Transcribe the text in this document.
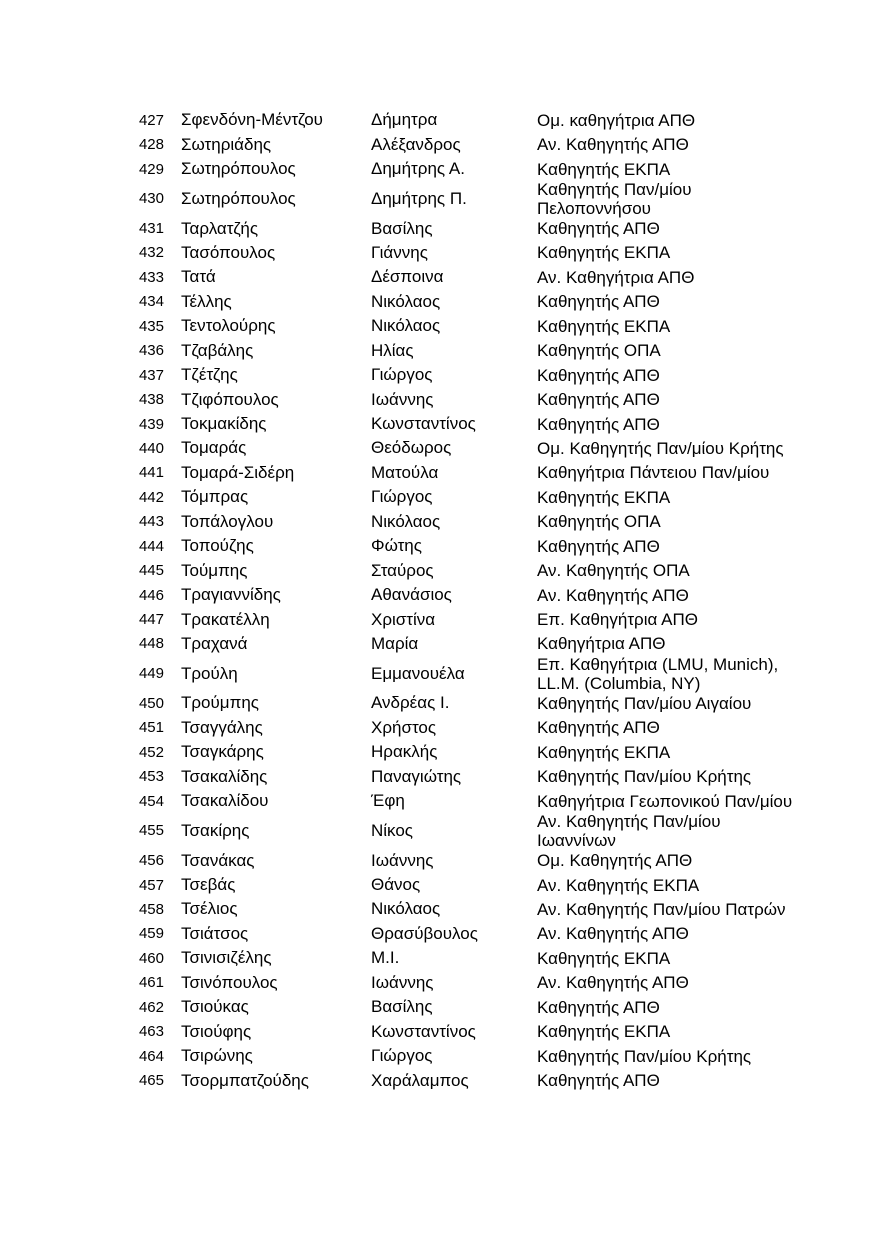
427 Σφενδόνη-Μέντζου	Δήμητρα	Ομ. καθηγήτρια ΑΠΘ
428 Σωτηριάδης	Αλέξανδρος	Αν. Καθηγητής ΑΠΘ
429 Σωτηρόπουλος	Δημήτρης Α.	Καθηγητής ΕΚΠΑ
430 Σωτηρόπουλος	Δημήτρης Π.	Καθηγητής Παν/μίου
Πελοποννήσου
431 Ταρλατζής	Βασίλης	Καθηγητής ΑΠΘ
432 Τασόπουλος	Γιάννης	Καθηγητής ΕΚΠΑ
433 Τατά	Δέσποινα	Αν. Καθηγήτρια ΑΠΘ
434 Τέλλης	Νικόλαος	Καθηγητής ΑΠΘ
435 Τεντολούρης	Νικόλαος	Καθηγητής ΕΚΠΑ
436 Τζαβάλης	Ηλίας	Καθηγητής ΟΠΑ
437 Τζέτζης	Γιώργος	Καθηγητής ΑΠΘ
438 Τζιφόπουλος	Ιωάννης	Καθηγητής ΑΠΘ
439 Τοκμακίδης	Κωνσταντίνος	Καθηγητής ΑΠΘ
440 Τομαράς	Θεόδωρος	Ομ. Καθηγητής Παν/μίου Κρήτης
441 Τομαρά-Σιδέρη	Ματούλα	Καθηγήτρια Πάντειου Παν/μίου
442 Τόμπρας	Γιώργος	Καθηγητής ΕΚΠΑ
443 Τοπάλογλου	Νικόλαος	Καθηγητής ΟΠΑ
444 Τοπούζης	Φώτης	Καθηγητής ΑΠΘ
445 Τούμπης	Σταύρος	Αν. Καθηγητής ΟΠΑ
446 Τραγιαννίδης	Αθανάσιος	Αν. Καθηγητής ΑΠΘ
447 Τρακατέλλη	Χριστίνα	Επ. Καθηγήτρια ΑΠΘ
448 Τραχανά	Μαρία	Καθηγήτρια ΑΠΘ
449 Τρούλη	Εμμανουέλα	Επ. Καθηγήτρια (LMU, Munich),
LL.M. (Columbia, NY)
450 Τρούμπης	Ανδρέας Ι.	Καθηγητής Παν/μίου Αιγαίου
451 Τσαγγάλης	Χρήστος	Καθηγητής ΑΠΘ
452 Τσαγκάρης	Ηρακλής	Καθηγητής ΕΚΠΑ
453 Τσακαλίδης	Παναγιώτης	Καθηγητής Παν/μίου Κρήτης
454 Τσακαλίδου	Έφη	Καθηγήτρια Γεωπονικού Παν/μίου
455 Τσακίρης	Νίκος	Αν. Καθηγητής Παν/μίου
Ιωαννίνων
456 Τσανάκας	Ιωάννης	Ομ. Καθηγητής ΑΠΘ
457 Τσεβάς	Θάνος	Αν. Καθηγητής ΕΚΠΑ
458 Τσέλιος	Νικόλαος	Αν. Καθηγητής Παν/μίου Πατρών
459 Τσιάτσος	Θρασύβουλος	Αν. Καθηγητής ΑΠΘ
460 Τσινισιζέλης	Μ.Ι.	Καθηγητής ΕΚΠΑ
461 Τσινόπουλος	Ιωάννης	Αν. Καθηγητής ΑΠΘ
462 Τσιούκας	Βασίλης	Καθηγητής ΑΠΘ
463 Τσιούφης	Κωνσταντίνος	Καθηγητής ΕΚΠΑ
464 Τσιρώνης	Γιώργος	Καθηγητής Παν/μίου Κρήτης
465 Τσορμπατζούδης	Χαράλαμπος	Καθηγητής ΑΠΘ
